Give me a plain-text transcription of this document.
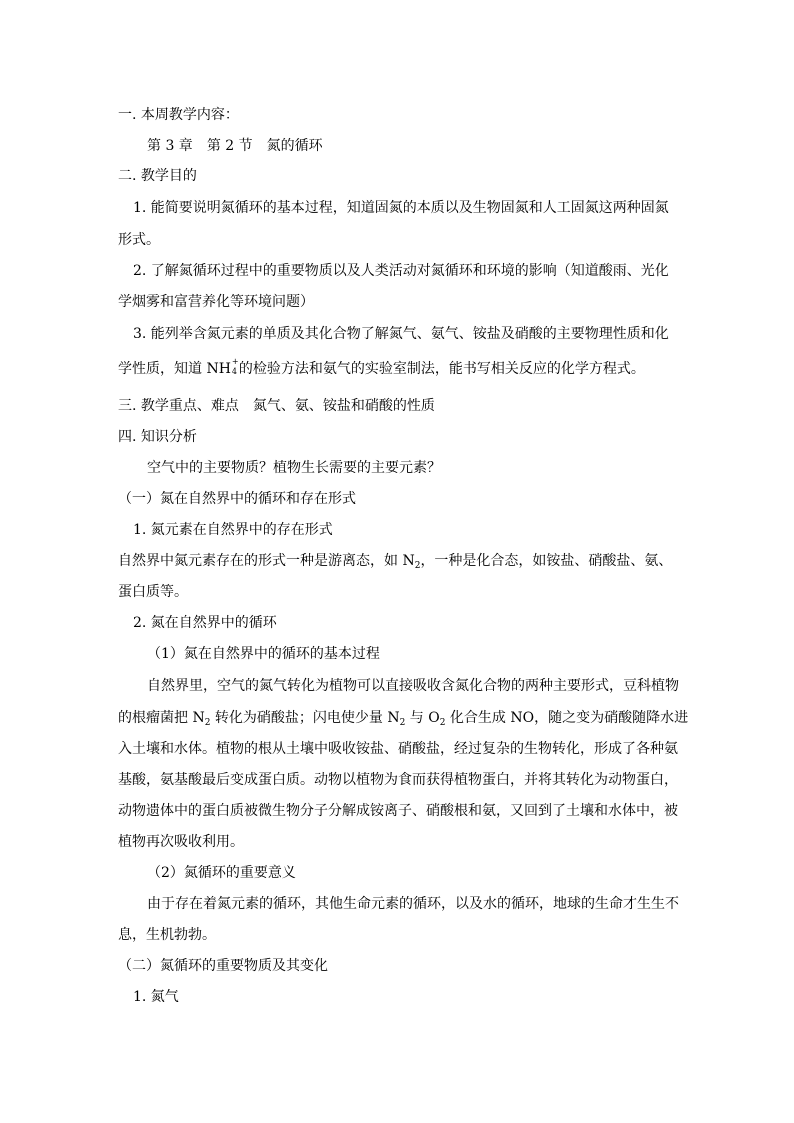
一. 本周教学内容：
第 3 章 第 2 节 氮的循环
二. 教学目的
1. 能简要说明氮循环的基本过程，知道固氮的本质以及生物固氮和人工固氮这两种固氮
形式。
2. 了解氮循环过程中的重要物质以及人类活动对氮循环和环境的影响（知道酸雨、光化
学烟雾和富营养化等环境问题）
3. 能列举含氮元素的单质及其化合物了解氮气、氨气、铵盐及硝酸的主要物理性质和化
学性质，知道 NH +
4 的检验方法和氨气的实验室制法，能书写相关反应的化学方程式。
三. 教学重点、难点 氮气、氨、铵盐和硝酸的性质
四. 知识分析
空气中的主要物质？植物生长需要的主要元素？
（一）氮在自然界中的循环和存在形式
1. 氮元素在自然界中的存在形式
自然界中氮元素存在的形式一种是游离态，如 $N_2$，一种是化合态，如铵盐、硝酸盐、氨、
蛋白质等。
2. 氮在自然界中的循环
（1）氮在自然界中的循环的基本过程
自然界里，空气的氮气转化为植物可以直接吸收含氮化合物的两种主要形式，豆科植物
的根瘤菌把 $N_2$ 转化为硝酸盐；闪电使少量 $N_2$ 与 $O_2$ 化合生成 NO，随之变为硝酸随降水进
入土壤和水体。植物的根从土壤中吸收铵盐、硝酸盐，经过复杂的生物转化，形成了各种氨
基酸，氨基酸最后变成蛋白质。动物以植物为食而获得植物蛋白，并将其转化为动物蛋白，
动物遗体中的蛋白质被微生物分子分解成铵离子、硝酸根和氨，又回到了土壤和水体中，被
植物再次吸收利用。
（2）氮循环的重要意义
由于存在着氮元素的循环，其他生命元素的循环，以及水的循环，地球的生命才生生不
息，生机勃勃。
（二）氮循环的重要物质及其变化
1. 氮气
